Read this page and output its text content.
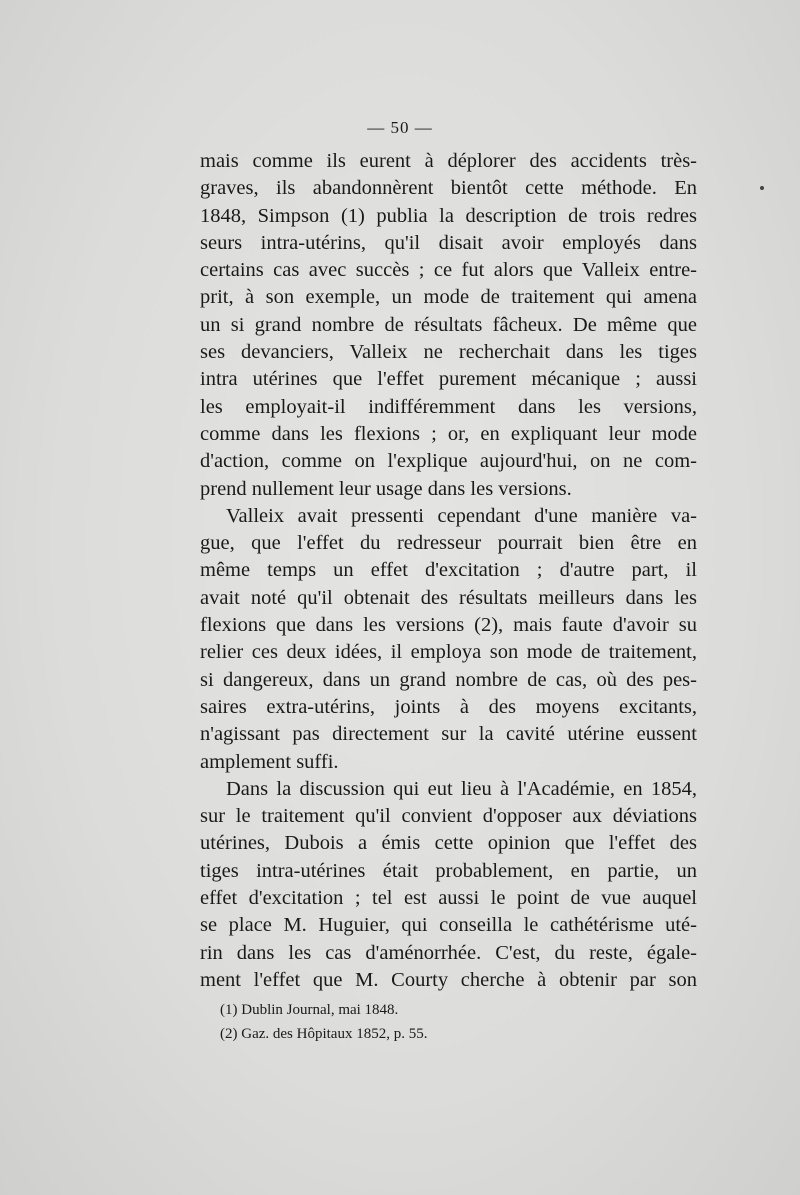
— 50 —
mais comme ils eurent à déplorer des accidents très-
graves, ils abandonnèrent bientôt cette méthode. En
1848, Simpson (1) publia la description de trois redres
seurs intra-utérins, qu'il disait avoir employés dans
certains cas avec succès ; ce fut alors que Valleix entre-
prit, à son exemple, un mode de traitement qui amena
un si grand nombre de résultats fâcheux. De même que
ses devanciers, Valleix ne recherchait dans les tiges
intra utérines que l'effet purement mécanique ; aussi
les employait-il indifféremment dans les versions,
comme dans les flexions ; or, en expliquant leur mode
d'action, comme on l'explique aujourd'hui, on ne com-
prend nullement leur usage dans les versions.
Valleix avait pressenti cependant d'une manière va-
gue, que l'effet du redresseur pourrait bien être en
même temps un effet d'excitation ; d'autre part, il
avait noté qu'il obtenait des résultats meilleurs dans les
flexions que dans les versions (2), mais faute d'avoir su
relier ces deux idées, il employa son mode de traitement,
si dangereux, dans un grand nombre de cas, où des pes-
saires extra-utérins, joints à des moyens excitants,
n'agissant pas directement sur la cavité utérine eussent
amplement suffi.
Dans la discussion qui eut lieu à l'Académie, en 1854,
sur le traitement qu'il convient d'opposer aux déviations
utérines, Dubois a émis cette opinion que l'effet des
tiges intra-utérines était probablement, en partie, un
effet d'excitation ; tel est aussi le point de vue auquel
se place M. Huguier, qui conseilla le cathétérisme uté-
rin dans les cas d'aménorrhée. C'est, du reste, égale-
ment l'effet que M. Courty cherche à obtenir par son
(1) Dublin Journal, mai 1848.
(2) Gaz. des Hôpitaux 1852, p. 55.
